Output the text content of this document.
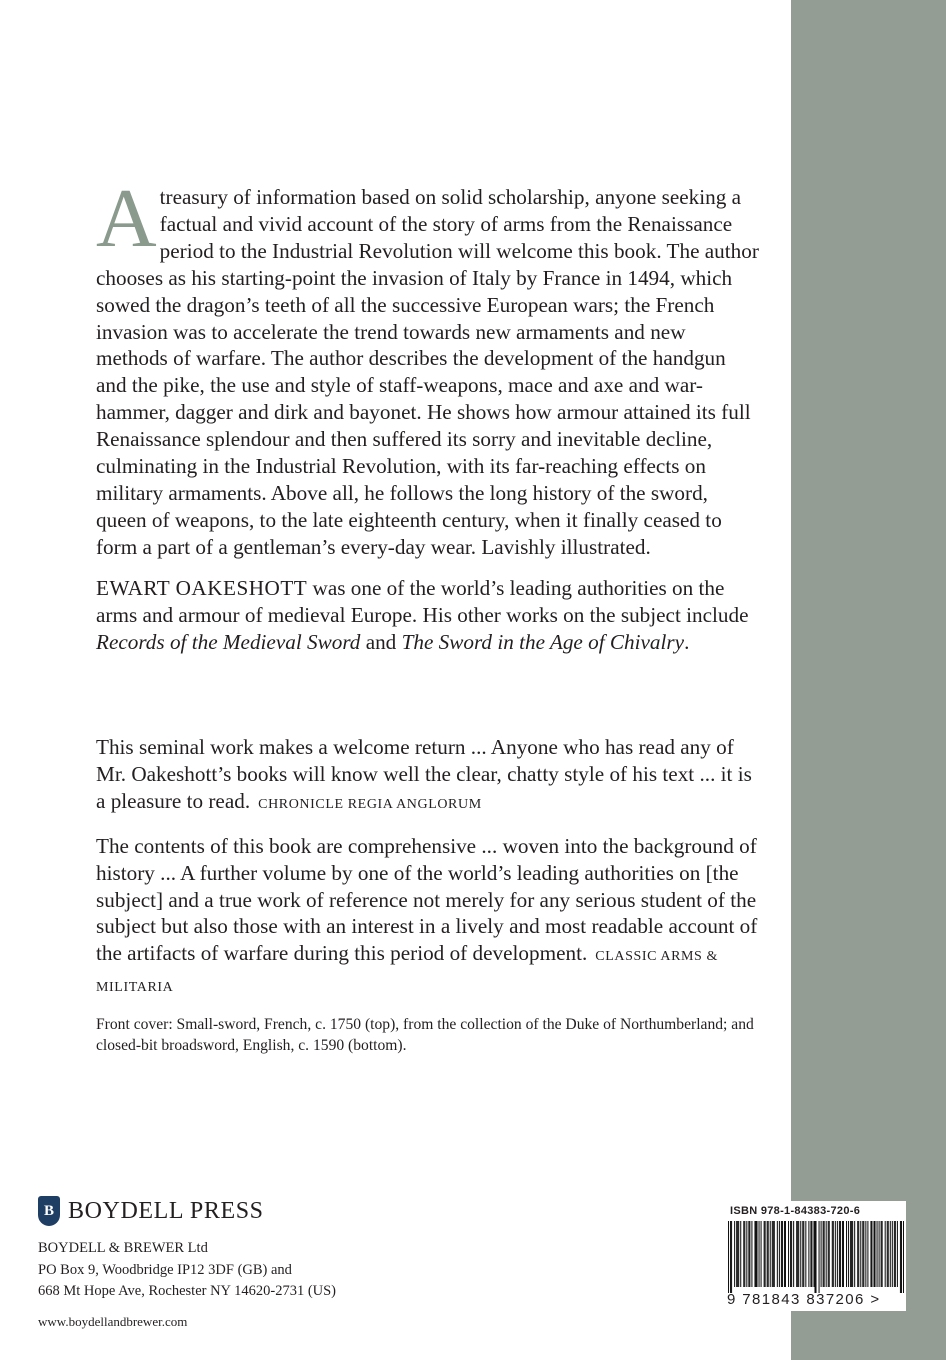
A treasury of information based on solid scholarship, anyone seeking a factual and vivid account of the story of arms from the Renaissance period to the Industrial Revolution will welcome this book. The author chooses as his starting-point the invasion of Italy by France in 1494, which sowed the dragon’s teeth of all the successive European wars; the French invasion was to accelerate the trend towards new armaments and new methods of warfare. The author describes the development of the handgun and the pike, the use and style of staff-weapons, mace and axe and war-hammer, dagger and dirk and bayonet. He shows how armour attained its full Renaissance splendour and then suffered its sorry and inevitable decline, culminating in the Industrial Revolution, with its far-reaching effects on military armaments. Above all, he follows the long history of the sword, queen of weapons, to the late eighteenth century, when it finally ceased to form a part of a gentleman’s every-day wear. Lavishly illustrated.

EWART OAKESHOTT was one of the world’s leading authorities on the arms and armour of medieval Europe. His other works on the subject include Records of the Medieval Sword and The Sword in the Age of Chivalry.

This seminal work makes a welcome return ... Anyone who has read any of Mr. Oakeshott’s books will know well the clear, chatty style of his text ... it is a pleasure to read. CHRONICLE REGIA ANGLORUM

The contents of this book are comprehensive ... woven into the background of history ... A further volume by one of the world’s leading authorities on [the subject] and a true work of reference not merely for any serious student of the subject but also those with an interest in a lively and most readable account of the artifacts of warfare during this period of development. CLASSIC ARMS & MILITARIA

Front cover: Small-sword, French, c. 1750 (top), from the collection of the Duke of Northumberland; and closed-bit broadsword, English, c. 1590 (bottom).

B BOYDELL PRESS
BOYDELL & BREWER Ltd
PO Box 9, Woodbridge IP12 3DF (GB) and
668 Mt Hope Ave, Rochester NY 14620-2731 (US)
www.boydellandbrewer.com
ISBN 978-1-84383-720-6
9 781843 837206 >
